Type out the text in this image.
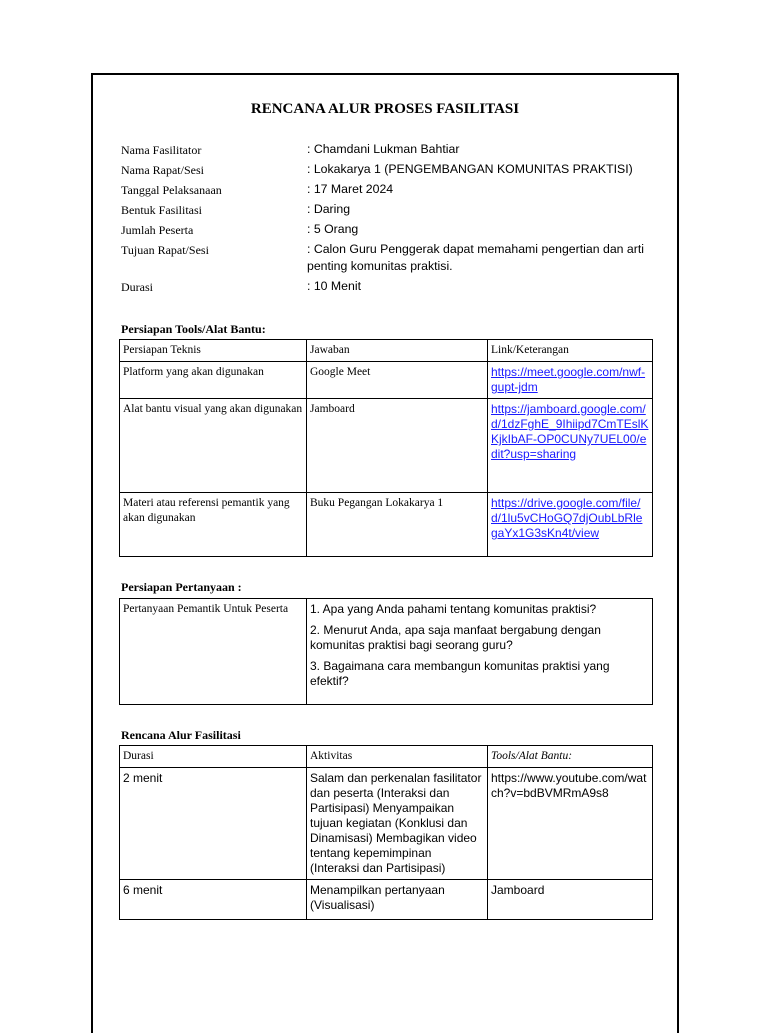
RENCANA ALUR PROSES FASILITASI
Nama Fasilitator	: Chamdani Lukman Bahtiar
Nama Rapat/Sesi	: Lokakarya 1 (PENGEMBANGAN KOMUNITAS PRAKTISI)
Tanggal Pelaksanaan	: 17 Maret 2024
Bentuk Fasilitasi	: Daring
Jumlah Peserta	: 5 Orang
Tujuan Rapat/Sesi	: Calon Guru Penggerak dapat memahami pengertian dan arti penting komunitas praktisi.
Durasi	: 10 Menit
Persiapan Tools/Alat Bantu:
Persiapan Teknis	Jawaban	Link/Keterangan
Platform yang akan digunakan	Google Meet	https://meet.google.com/nwf-gupt-jdm
Alat bantu visual yang akan digunakan	Jamboard	https://jamboard.google.com/d/1dzFghE_9Ihiipd7CmTEslKKjkIbAF-OP0CUNy7UEL00/edit?usp=sharing
Materi atau referensi pemantik yang akan digunakan	Buku Pegangan Lokakarya 1	https://drive.google.com/file/d/1lu5vCHoGQ7djOubLbRlegaYx1G3sKn4t/view
Persiapan Pertanyaan :
Pertanyaan Pemantik Untuk Peserta	1. Apa yang Anda pahami tentang komunitas praktisi?
2. Menurut Anda, apa saja manfaat bergabung dengan komunitas praktisi bagi seorang guru?
3. Bagaimana cara membangun komunitas praktisi yang efektif?
Rencana Alur Fasilitasi
Durasi	Aktivitas	Tools/Alat Bantu:
2 menit	Salam dan perkenalan fasilitator dan peserta (Interaksi dan Partisipasi) Menyampaikan tujuan kegiatan (Konklusi dan Dinamisasi) Membagikan video tentang kepemimpinan (Interaksi dan Partisipasi)	https://www.youtube.com/watch?v=bdBVMRmA9s8
6 menit	Menampilkan pertanyaan (Visualisasi)	Jamboard
